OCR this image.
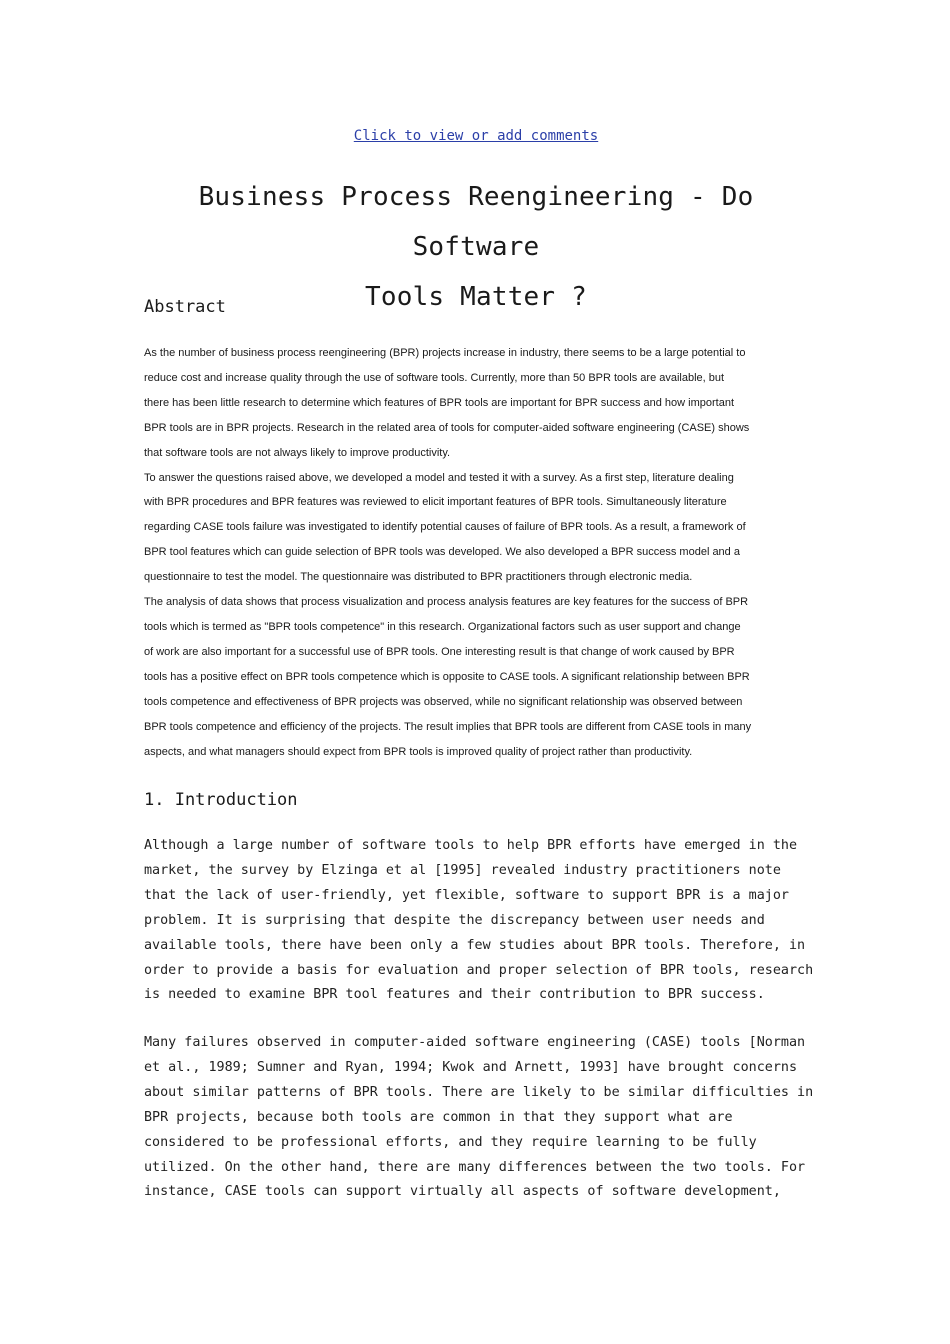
Click to view or add comments
Business Process Reengineering - Do Software
Tools Matter ?
Abstract

As the number of business process reengineering (BPR) projects increase in industry, there seems to be a large potential to
reduce cost and increase quality through the use of software tools. Currently, more than 50 BPR tools are available, but
there has been little research to determine which features of BPR tools are important for BPR success and how important
BPR tools are in BPR projects. Research in the related area of tools for computer-aided software engineering (CASE) shows
that software tools are not always likely to improve productivity.

To answer the questions raised above, we developed a model and tested it with a survey. As a first step, literature dealing
with BPR procedures and BPR features was reviewed to elicit important features of BPR tools. Simultaneously literature
regarding CASE tools failure was investigated to identify potential causes of failure of BPR tools. As a result, a framework of
BPR tool features which can guide selection of BPR tools was developed. We also developed a BPR success model and a
questionnaire to test the model. The questionnaire was distributed to BPR practitioners through electronic media.

The analysis of data shows that process visualization and process analysis features are key features for the success of BPR
tools which is termed as "BPR tools competence" in this research. Organizational factors such as user support and change
of work are also important for a successful use of BPR tools. One interesting result is that change of work caused by BPR
tools has a positive effect on BPR tools competence which is opposite to CASE tools. A significant relationship between BPR
tools competence and effectiveness of BPR projects was observed, while no significant relationship was observed between
BPR tools competence and efficiency of the projects. The result implies that BPR tools are different from CASE tools in many
aspects, and what managers should expect from BPR tools is improved quality of project rather than productivity.

1. Introduction

Although a large number of software tools to help BPR efforts have emerged in the
market, the survey by Elzinga et al [1995] revealed industry practitioners note
that the lack of user-friendly, yet flexible, software to support BPR is a major
problem. It is surprising that despite the discrepancy between user needs and
available tools, there have been only a few studies about BPR tools. Therefore, in
order to provide a basis for evaluation and proper selection of BPR tools, research
is needed to examine BPR tool features and their contribution to BPR success.

Many failures observed in computer-aided software engineering (CASE) tools [Norman
et al., 1989; Sumner and Ryan, 1994; Kwok and Arnett, 1993] have brought concerns
about similar patterns of BPR tools. There are likely to be similar difficulties in
BPR projects, because both tools are common in that they support what are
considered to be professional efforts, and they require learning to be fully
utilized. On the other hand, there are many differences between the two tools. For
instance, CASE tools can support virtually all aspects of software development,
